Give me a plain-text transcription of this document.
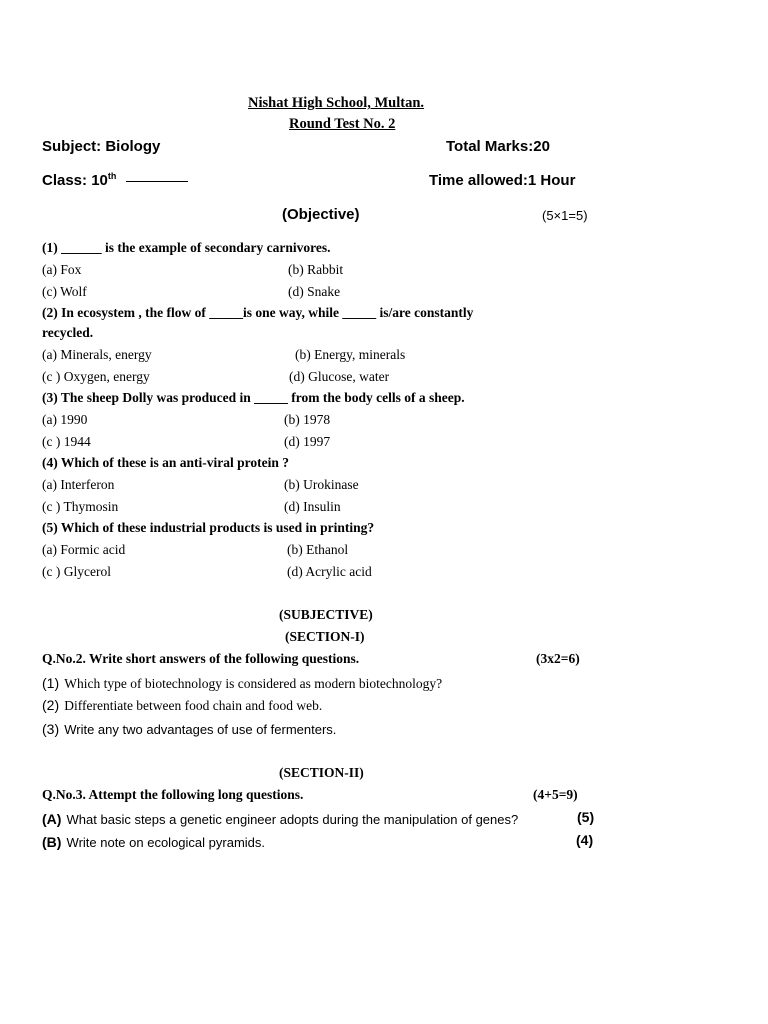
Nishat High School, Multan.
Round Test No. 2
Subject: Biology	Total Marks:20
Class: 10th	Time allowed:1 Hour
(Objective)	(5×1=5)
(1) ______ is the example of secondary carnivores.
(a) Fox	(b) Rabbit
(c) Wolf	(d) Snake
(2) In ecosystem , the flow of _____is one way, while _____ is/are constantly
recycled.
(a) Minerals, energy	(b) Energy, minerals
(c ) Oxygen, energy	(d) Glucose, water
(3) The sheep Dolly was produced in _____ from the body cells of a sheep.
(a) 1990	(b) 1978
(c ) 1944	(d) 1997
(4) Which of these is an anti-viral protein ?
(a) Interferon	(b) Urokinase
(c ) Thymosin	(d) Insulin
(5) Which of these industrial products is used in printing?
(a) Formic acid	(b) Ethanol
(c ) Glycerol	(d) Acrylic acid
(SUBJECTIVE)
(SECTION-I)
Q.No.2. Write short answers of the following questions.	(3x2=6)
(1) Which type of biotechnology is considered as modern biotechnology?
(2) Differentiate between food chain and food web.
(3) Write any two advantages of use of fermenters.
(SECTION-II)
Q.No.3. Attempt the following long questions.	(4+5=9)
(A) What basic steps a genetic engineer adopts during the manipulation of genes?	(5)
(B) Write note on ecological pyramids.	(4)
